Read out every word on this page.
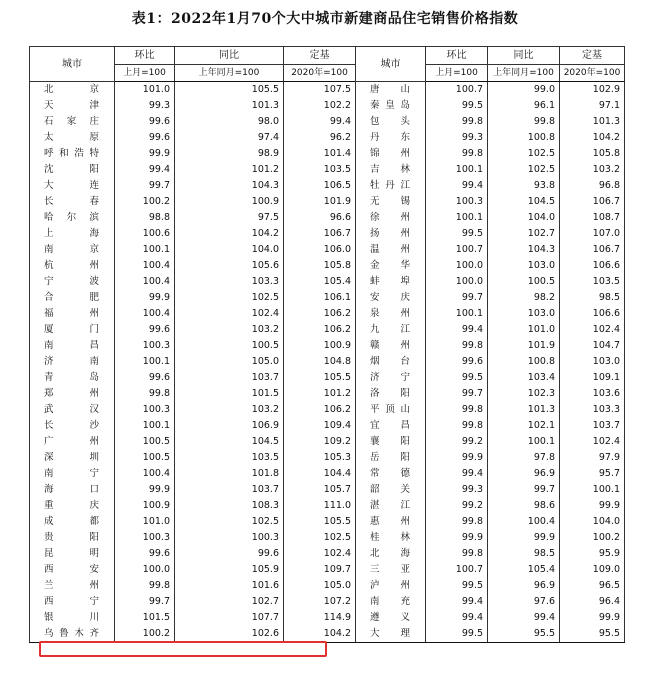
表1：2022年1月70个大中城市新建商品住宅销售价格指数
城市	环比	同比	定基	城市	环比	同比	定基
	上月=100	上年同月=100	2020年=100		上月=100	上年同月=100	2020年=100
北京	101.0	105.5	107.5	唐山	100.7	99.0	102.9
天津	99.3	101.3	102.2	秦皇岛	99.5	96.1	97.1
石家庄	99.6	98.0	99.4	包头	99.8	99.8	101.3
太原	99.6	97.4	96.2	丹东	99.3	100.8	104.2
呼和浩特	99.9	98.9	101.4	锦州	99.8	102.5	105.8
沈阳	99.4	101.2	103.5	吉林	100.1	102.5	103.2
大连	99.7	104.3	106.5	牡丹江	99.4	93.8	96.8
长春	100.2	100.9	101.9	无锡	100.3	104.5	106.7
哈尔滨	98.8	97.5	96.6	徐州	100.1	104.0	108.7
上海	100.6	104.2	106.7	扬州	99.5	102.7	107.0
南京	100.1	104.0	106.0	温州	100.7	104.3	106.7
杭州	100.4	105.6	105.8	金华	100.0	103.0	106.6
宁波	100.4	103.3	105.4	蚌埠	100.0	100.5	103.5
合肥	99.9	102.5	106.1	安庆	99.7	98.2	98.5
福州	100.4	102.4	106.2	泉州	100.1	103.0	106.6
厦门	99.6	103.2	106.2	九江	99.4	101.0	102.4
南昌	100.3	100.5	100.9	赣州	99.8	101.9	104.7
济南	100.1	105.0	104.8	烟台	99.6	100.8	103.0
青岛	99.6	103.7	105.5	济宁	99.5	103.4	109.1
郑州	99.8	101.5	101.2	洛阳	99.7	102.3	103.6
武汉	100.3	103.2	106.2	平顶山	99.8	101.3	103.3
长沙	100.1	106.9	109.4	宜昌	99.8	102.1	103.7
广州	100.5	104.5	109.2	襄阳	99.2	100.1	102.4
深圳	100.5	103.5	105.3	岳阳	99.9	97.8	97.9
南宁	100.4	101.8	104.4	常德	99.4	96.9	95.7
海口	99.9	103.7	105.7	韶关	99.3	99.7	100.1
重庆	100.9	108.3	111.0	湛江	99.2	98.6	99.9
成都	101.0	102.5	105.5	惠州	99.8	100.4	104.0
贵阳	100.3	100.3	102.5	桂林	99.9	99.9	100.2
昆明	99.6	99.6	102.4	北海	99.8	98.5	95.9
西安	100.0	105.9	109.7	三亚	100.7	105.4	109.0
兰州	99.8	101.6	105.0	泸州	99.5	96.9	96.5
西宁	99.7	102.7	107.2	南充	99.4	97.6	96.4
银川	101.5	107.7	114.9	遵义	99.4	99.4	99.9
乌鲁木齐	100.2	102.6	104.2	大理	99.5	95.5	95.5
